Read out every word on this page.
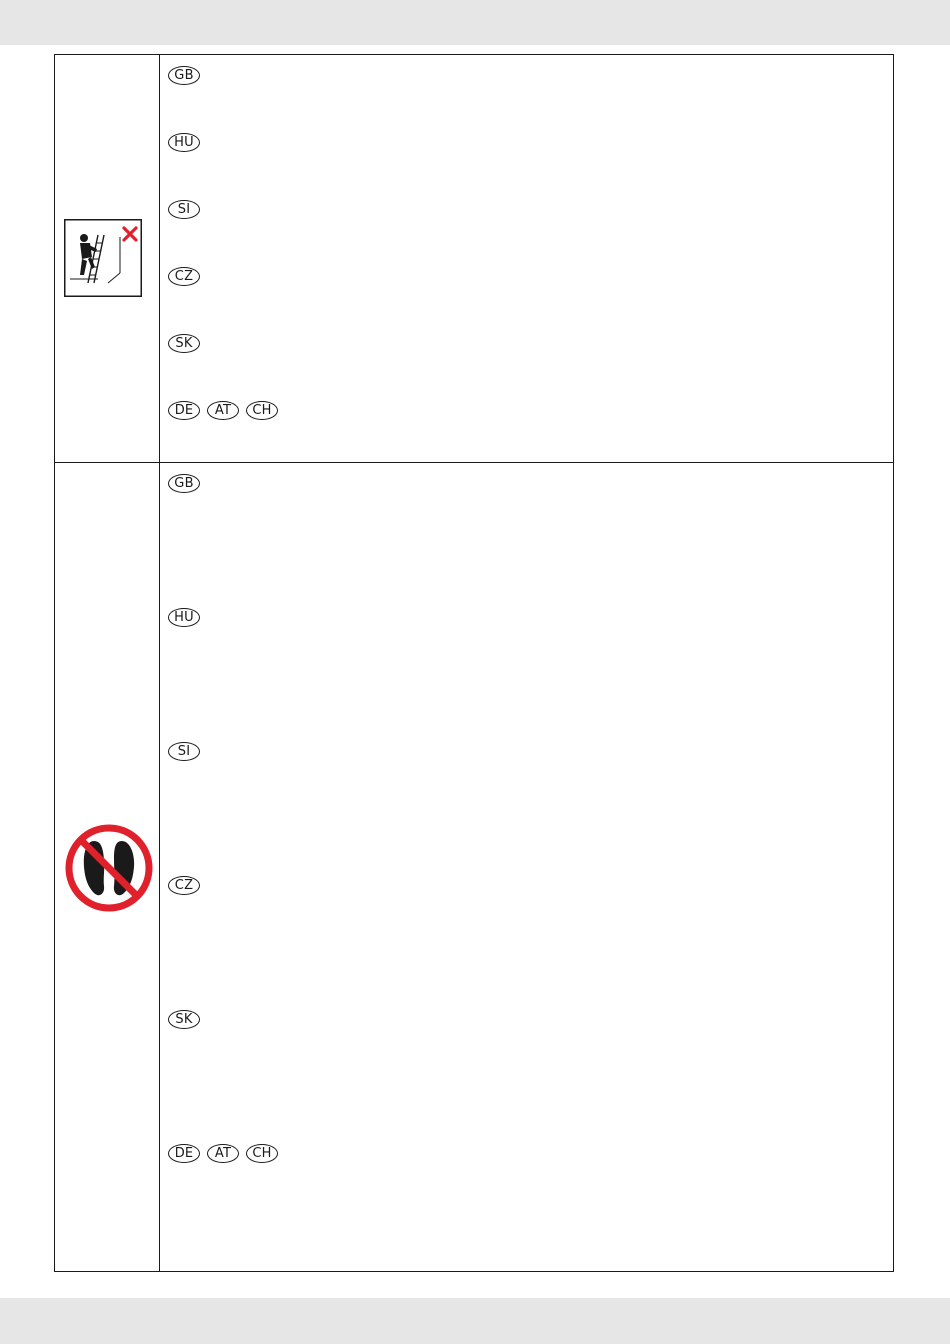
GB
HU
SI
CZ
SK
DE	AT	CH
GB
HU
SI
CZ
SK
DE	AT	CH
